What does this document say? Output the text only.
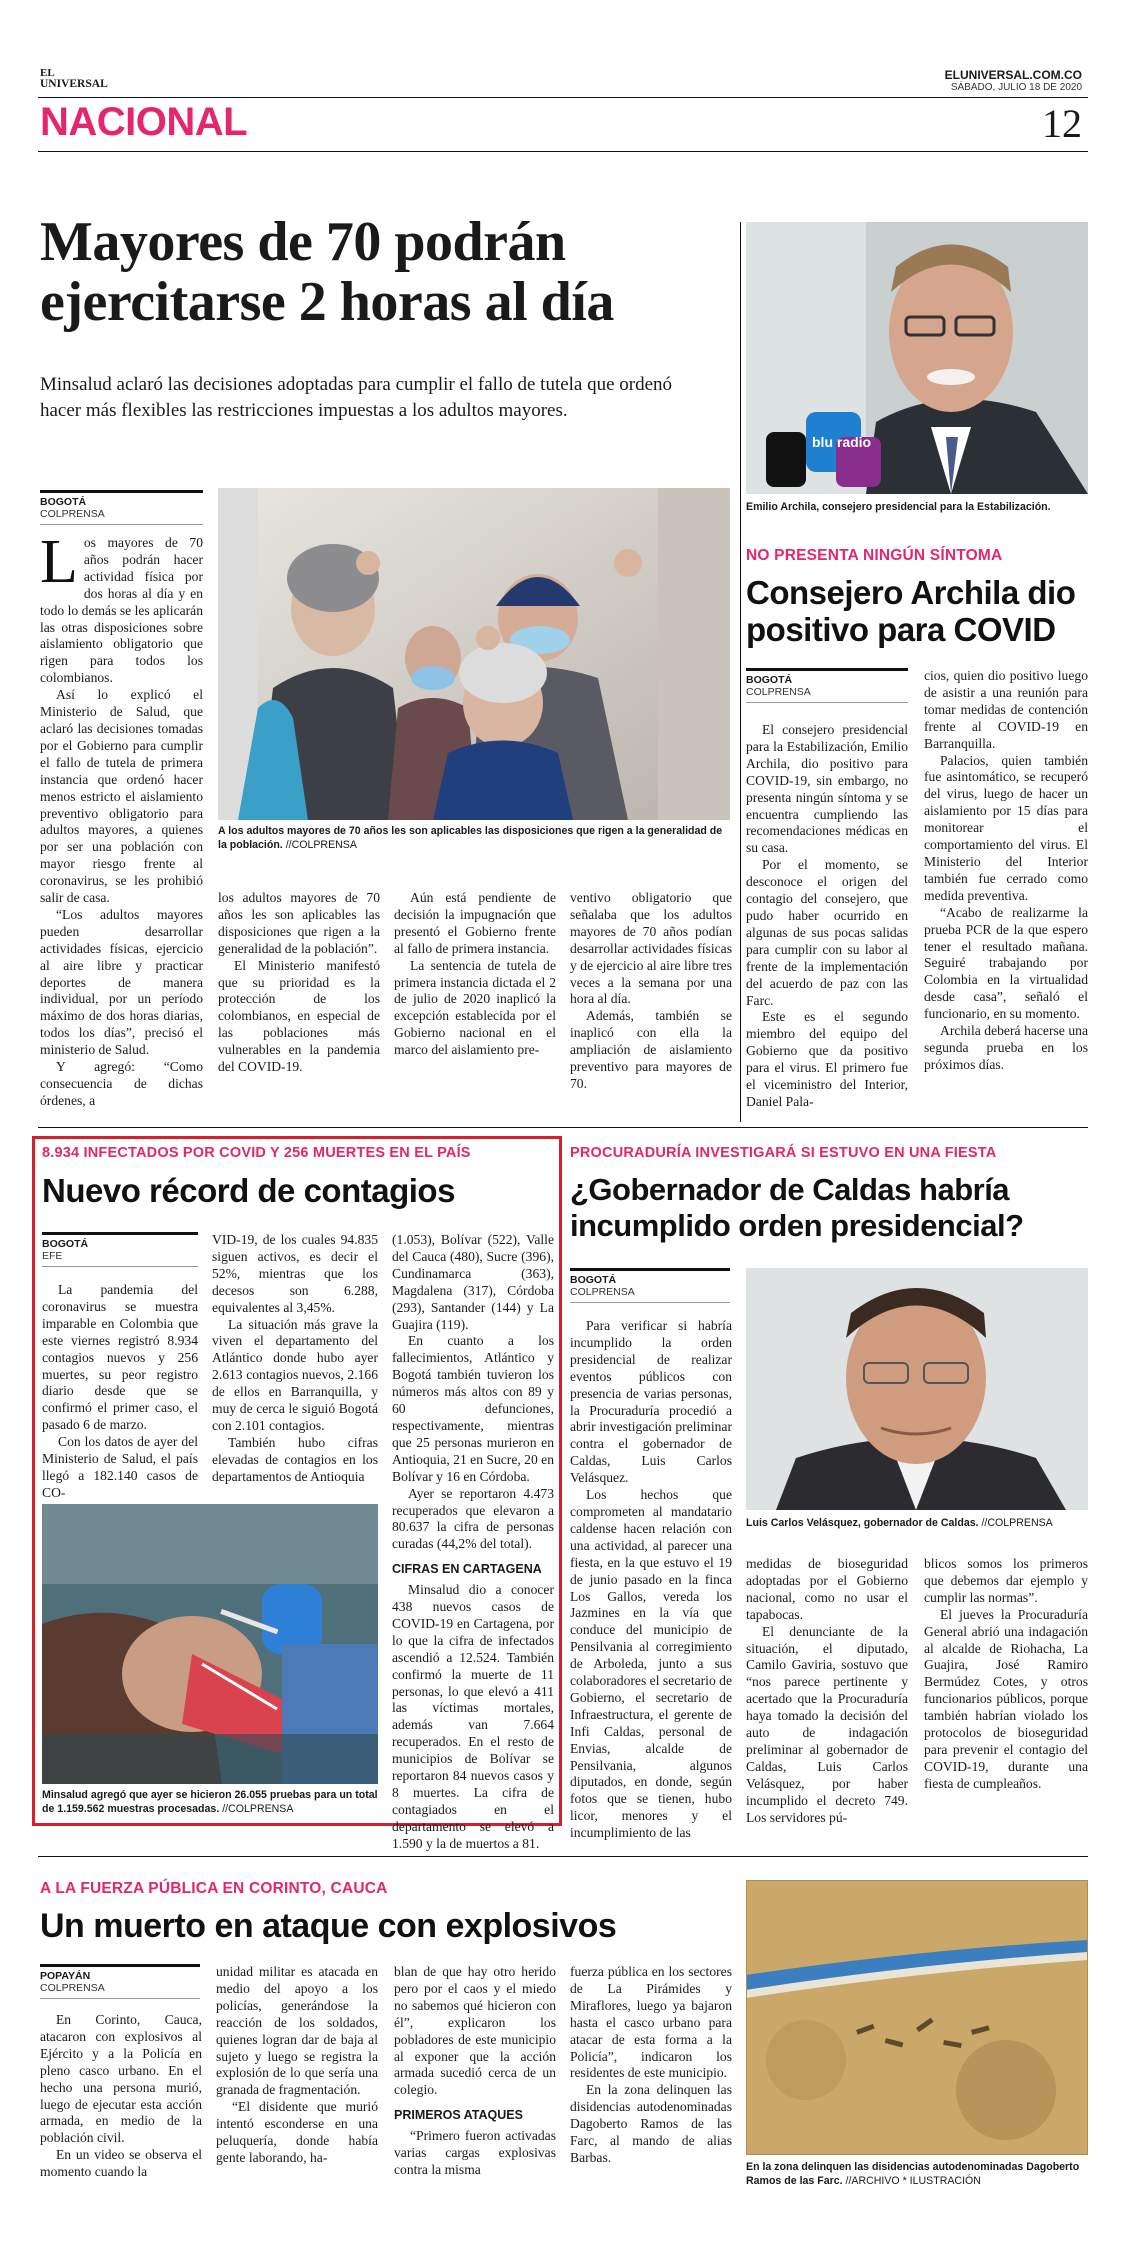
EL
UNIVERSAL
ELUNIVERSAL.COM.CO
SÁBADO, JULIO 18 DE 2020
NACIONAL	12
Mayores de 70 podrán ejercitarse 2 horas al día
Minsalud aclaró las decisiones adoptadas para cumplir el fallo de tutela que ordenó hacer más flexibles las restricciones impuestas a los adultos mayores.
BOGOTÁ
COLPRENSA
L os mayores de 70 años podrán hacer actividad física por dos horas al día y en todo lo demás se les aplicarán las otras disposiciones sobre aislamiento obligatorio que rigen para todos los colombianos.

Así lo explicó el Ministerio de Salud, que aclaró las decisiones tomadas por el Gobierno para cumplir el fallo de tutela de primera instancia que ordenó hacer menos estricto el aislamiento preventivo obligatorio para adultos mayores, a quienes por ser una población con mayor riesgo frente al coronavirus, se les prohibió salir de casa.

“Los adultos mayores pueden desarrollar actividades físicas, ejercicio al aire libre y practicar deportes de manera individual, por un período máximo de dos horas diarias, todos los días”, precisó el ministerio de Salud.

Y agregó: “Como consecuencia de dichas órdenes, a

A los adultos mayores de 70 años les son aplicables las disposiciones que rigen a la generalidad de la población. //COLPRENSA

los adultos mayores de 70 años les son aplicables las disposiciones que rigen a la generalidad de la población”.

El Ministerio manifestó que su prioridad es la protección de los colombianos, en especial de las poblaciones más vulnerables en la pandemia del COVID-19.

Aún está pendiente de decisión la impugnación que presentó el Gobierno frente al fallo de primera instancia.

La sentencia de tutela de primera instancia dictada el 2 de julio de 2020 inaplicó la excepción establecida por el Gobierno nacional en el marco del aislamiento pre-

ventivo obligatorio que señalaba que los adultos mayores de 70 años podían desarrollar actividades físicas y de ejercicio al aire libre tres veces a la semana por una hora al día.

Además, también se inaplicó con ella la ampliación de aislamiento preventivo para mayores de 70.

blu radio
Emilio Archila, consejero presidencial para la Estabilización.
NO PRESENTA NINGÚN SÍNTOMA
Consejero Archila dio positivo para COVID
BOGOTÁ
COLPRENSA

El consejero presidencial para la Estabilización, Emilio Archila, dio positivo para COVID-19, sin embargo, no presenta ningún síntoma y se encuentra cumpliendo las recomendaciones médicas en su casa.

Por el momento, se desconoce el origen del contagio del consejero, que pudo haber ocurrido en algunas de sus pocas salidas para cumplir con su labor al frente de la implementación del acuerdo de paz con las Farc.

Este es el segundo miembro del equipo del Gobierno que da positivo para el virus. El primero fue el viceministro del Interior, Daniel Pala-

cios, quien dio positivo luego de asistir a una reunión para tomar medidas de contención frente al COVID-19 en Barranquilla.

Palacios, quien también fue asintomático, se recuperó del virus, luego de hacer un aislamiento por 15 días para monitorear el comportamiento del virus. El Ministerio del Interior también fue cerrado como medida preventiva.

“Acabo de realizarme la prueba PCR de la que espero tener el resultado mañana. Seguiré trabajando por Colombia en la virtualidad desde casa”, señaló el funcionario, en su momento.

Archila deberá hacerse una segunda prueba en los próximos días.

8.934 INFECTADOS POR COVID Y 256 MUERTES EN EL PAÍS
Nuevo récord de contagios
BOGOTÁ
EFE

La pandemia del coronavirus se muestra imparable en Colombia que este viernes registró 8.934 contagios nuevos y 256 muertes, su peor registro diario desde que se confirmó el primer caso, el pasado 6 de marzo.

Con los datos de ayer del Ministerio de Salud, el país llegó a 182.140 casos de CO-

VID-19, de los cuales 94.835 siguen activos, es decir el 52%, mientras que los decesos son 6.288, equivalentes al 3,45%.

La situación más grave la viven el departamento del Atlántico donde hubo ayer 2.613 contagios nuevos, 2.166 de ellos en Barranquilla, y muy de cerca le siguió Bogotá con 2.101 contagios.

También hubo cifras elevadas de contagios en los departamentos de Antioquia

(1.053), Bolívar (522), Valle del Cauca (480), Sucre (396), Cundinamarca (363), Magdalena (317), Córdoba (293), Santander (144) y La Guajira (119).

En cuanto a los fallecimientos, Atlántico y Bogotá también tuvieron los números más altos con 89 y 60 defunciones, respectivamente, mientras que 25 personas murieron en Antioquia, 21 en Sucre, 20 en Bolívar y 16 en Córdoba.

Ayer se reportaron 4.473 recuperados que elevaron a 80.637 la cifra de personas curadas (44,2% del total).

CIFRAS EN CARTAGENA

Minsalud dio a conocer 438 nuevos casos de COVID-19 en Cartagena, por lo que la cifra de infectados ascendió a 12.524. También confirmó la muerte de 11 personas, lo que elevó a 411 las víctimas mortales, además van 7.664 recuperados. En el resto de municipios de Bolívar se reportaron 84 nuevos casos y 8 muertes. La cifra de contagiados en el departamento se elevó a 1.590 y la de muertos a 81.

Minsalud agregó que ayer se hicieron 26.055 pruebas para un total de 1.159.562 muestras procesadas. //COLPRENSA
PROCURADURÍA INVESTIGARÁ SI ESTUVO EN UNA FIESTA
¿Gobernador de Caldas habría incumplido orden presidencial?
BOGOTÁ
COLPRENSA

Para verificar si habría incumplido la orden presidencial de realizar eventos públicos con presencia de varias personas, la Procuraduría procedió a abrir investigación preliminar contra el gobernador de Caldas, Luis Carlos Velásquez.

Los hechos que comprometen al mandatario caldense hacen relación con una actividad, al parecer una fiesta, en la que estuvo el 19 de junio pasado en la finca Los Gallos, vereda los Jazmines en la vía que conduce del municipio de Pensilvania al corregimiento de Arboleda, junto a sus colaboradores el secretario de Gobierno, el secretario de Infraestructura, el gerente de Infi Caldas, personal de Envias, alcalde de Pensilvania, algunos diputados, en donde, según fotos que se tienen, hubo licor, menores y el incumplimiento de las

Luis Carlos Velásquez, gobernador de Caldas. //COLPRENSA

medidas de bioseguridad adoptadas por el Gobierno nacional, como no usar el tapabocas.

El denunciante de la situación, el diputado, Camilo Gaviria, sostuvo que “nos parece pertinente y acertado que la Procuraduría haya tomado la decisión del auto de indagación preliminar al gobernador de Caldas, Luis Carlos Velásquez, por haber incumplido el decreto 749. Los servidores pú-

blicos somos los primeros que debemos dar ejemplo y cumplir las normas”.

El jueves la Procuraduría General abrió una indagación al alcalde de Riohacha, La Guajira, José Ramiro Bermúdez Cotes, y otros funcionarios públicos, porque también habrían violado los protocolos de bioseguridad para prevenir el contagio del COVID-19, durante una fiesta de cumpleaños.

A LA FUERZA PÚBLICA EN CORINTO, CAUCA
Un muerto en ataque con explosivos
POPAYÁN
COLPRENSA

En Corinto, Cauca, atacaron con explosivos al Ejército y a la Policía en pleno casco urbano. En el hecho una persona murió, luego de ejecutar esta acción armada, en medio de la población civil.

En un video se observa el momento cuando la

unidad militar es atacada en medio del apoyo a los policías, generándose la reacción de los soldados, quienes logran dar de baja al sujeto y luego se registra la explosión de lo que sería una granada de fragmentación.

“El disidente que murió intentó esconderse en una peluquería, donde había gente laborando, ha-

blan de que hay otro herido pero por el caos y el miedo no sabemos qué hicieron con él”, explicaron los pobladores de este municipio al exponer que la acción armada sucedió cerca de un colegio.

PRIMEROS ATAQUES

“Primero fueron activadas varias cargas explosivas contra la misma

fuerza pública en los sectores de La Pirámides y Miraflores, luego ya bajaron hasta el casco urbano para atacar de esta forma a la Policía”, indicaron los residentes de este municipio.

En la zona delinquen las disidencias autodenominadas Dagoberto Ramos de las Farc, al mando de alias Barbas.

En la zona delinquen las disidencias autodenominadas Dagoberto Ramos de las Farc. //ARCHIVO * ILUSTRACIÓN
